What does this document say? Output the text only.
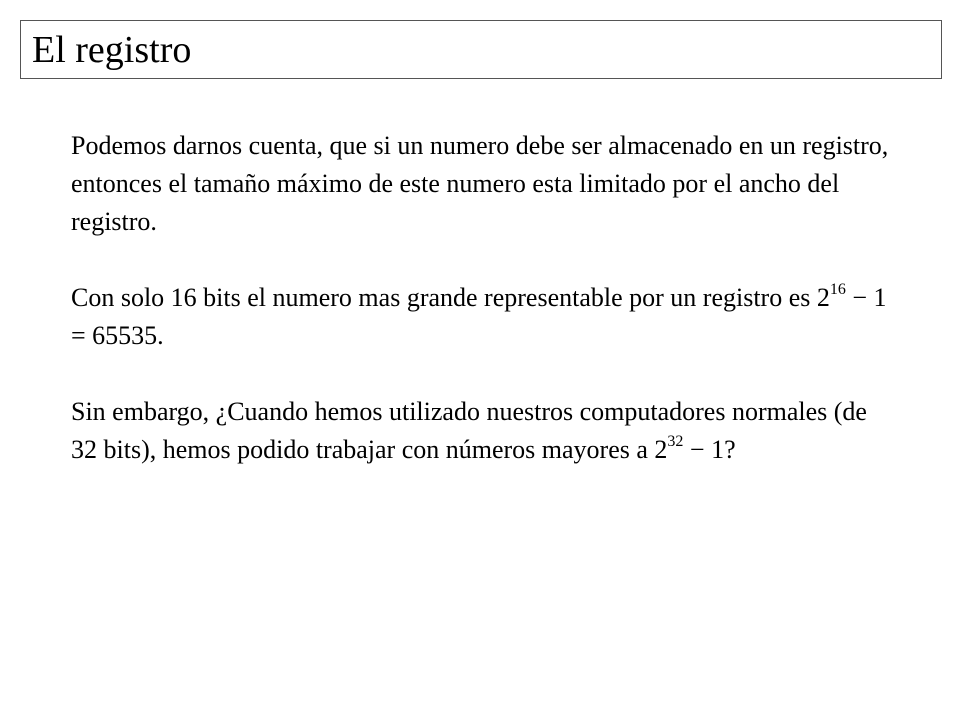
El registro

Podemos darnos cuenta, que si un numero debe ser almacenado en un registro, entonces el tamaño máximo de este numero esta limitado por el ancho del registro.

Con solo 16 bits el numero mas grande representable por un registro es $2^{16} - 1 = 65535$.

Sin embargo, ¿Cuando hemos utilizado nuestros computadores normales (de 32 bits), hemos podido trabajar con números mayores a $2^{32} - 1$?
